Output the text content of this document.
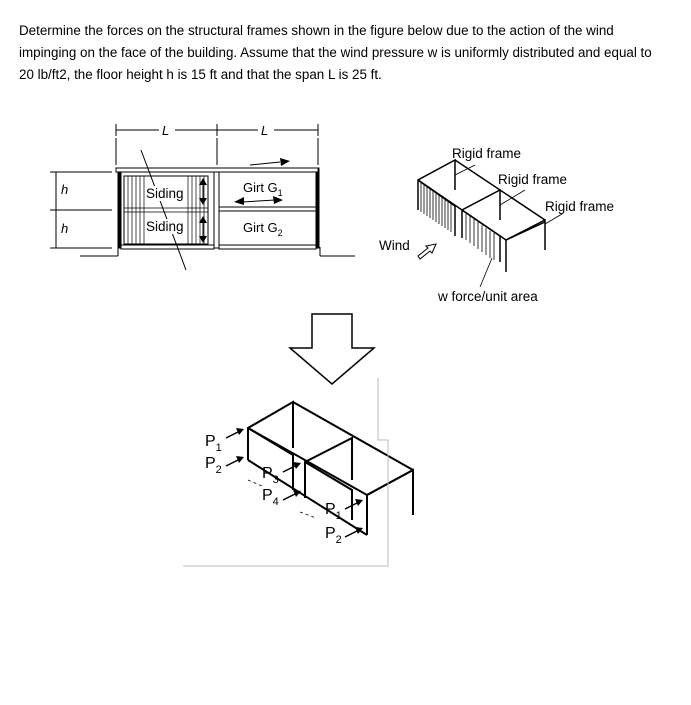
Determine the forces on the structural frames shown in the figure below due to the action of the wind impinging on the face of the building. Assume that the wind pressure w is uniformly distributed and equal to 20 lb/ft2, the floor height h is 15 ft and that the span L is 25 ft.

L	L
h
h
Siding
Siding
Girt $G_1$
Girt $G_2$
Rigid frame
Rigid frame
Rigid frame
Wind
w force/unit area
$P_1$
$P_2$	$P_3$
$P_4$	$P_1$
$P_2$
